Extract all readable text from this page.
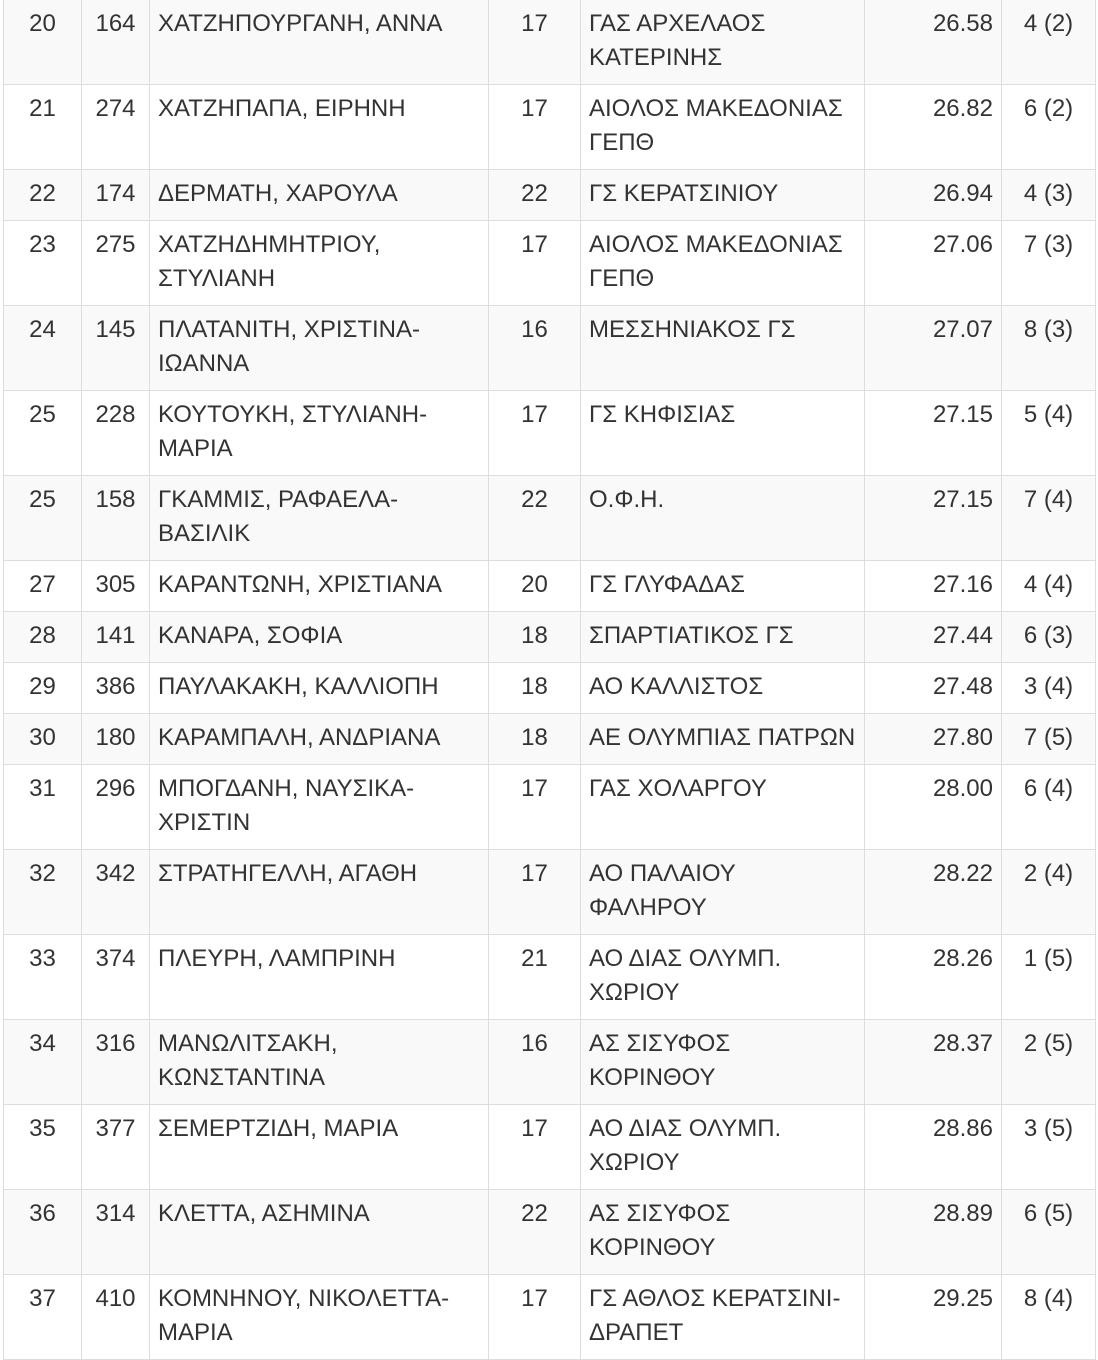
20	164	ΧΑΤΖΗΠΟΥΡΓΑΝΗ, ΑΝΝΑ	17	ΓΑΣ ΑΡΧΕΛΑΟΣ ΚΑΤΕΡΙΝΗΣ	26.58	4 (2)
21	274	ΧΑΤΖΗΠΑΠΑ, ΕΙΡΗΝΗ	17	ΑΙΟΛΟΣ ΜΑΚΕΔΟΝΙΑΣ ΓΕΠΘ	26.82	6 (2)
22	174	ΔΕΡΜΑΤΗ, ΧΑΡΟΥΛΑ	22	ΓΣ ΚΕΡΑΤΣΙΝΙΟΥ	26.94	4 (3)
23	275	ΧΑΤΖΗΔΗΜΗΤΡΙΟΥ, ΣΤΥΛΙΑΝΗ	17	ΑΙΟΛΟΣ ΜΑΚΕΔΟΝΙΑΣ ΓΕΠΘ	27.06	7 (3)
24	145	ΠΛΑΤΑΝΙΤΗ, ΧΡΙΣΤΙΝΑ-ΙΩΑΝΝΑ	16	ΜΕΣΣΗΝΙΑΚΟΣ ΓΣ	27.07	8 (3)
25	228	ΚΟΥΤΟΥΚΗ, ΣΤΥΛΙΑΝΗ-ΜΑΡΙΑ	17	ΓΣ ΚΗΦΙΣΙΑΣ	27.15	5 (4)
25	158	ΓΚΑΜΜΙΣ, ΡΑΦΑΕΛΑ-ΒΑΣΙΛΙΚ	22	Ο.Φ.Η.	27.15	7 (4)
27	305	ΚΑΡΑΝΤΩΝΗ, ΧΡΙΣΤΙΑΝΑ	20	ΓΣ ΓΛΥΦΑΔΑΣ	27.16	4 (4)
28	141	ΚΑΝΑΡΑ, ΣΟΦΙΑ	18	ΣΠΑΡΤΙΑΤΙΚΟΣ ΓΣ	27.44	6 (3)
29	386	ΠΑΥΛΑΚΑΚΗ, ΚΑΛΛΙΟΠΗ	18	ΑΟ ΚΑΛΛΙΣΤΟΣ	27.48	3 (4)
30	180	ΚΑΡΑΜΠΑΛΗ, ΑΝΔΡΙΑΝΑ	18	ΑΕ ΟΛΥΜΠΙΑΣ ΠΑΤΡΩΝ	27.80	7 (5)
31	296	ΜΠΟΓΔΑΝΗ, ΝΑΥΣΙΚΑ-ΧΡΙΣΤΙΝ	17	ΓΑΣ ΧΟΛΑΡΓΟΥ	28.00	6 (4)
32	342	ΣΤΡΑΤΗΓΕΛΛΗ, ΑΓΑΘΗ	17	ΑΟ ΠΑΛΑΙΟΥ ΦΑΛΗΡΟΥ	28.22	2 (4)
33	374	ΠΛΕΥΡΗ, ΛΑΜΠΡΙΝΗ	21	ΑΟ ΔΙΑΣ ΟΛΥΜΠ. ΧΩΡΙΟΥ	28.26	1 (5)
34	316	ΜΑΝΩΛΙΤΣΑΚΗ, ΚΩΝΣΤΑΝΤΙΝΑ	16	ΑΣ ΣΙΣΥΦΟΣ ΚΟΡΙΝΘΟΥ	28.37	2 (5)
35	377	ΣΕΜΕΡΤΖΙΔΗ, ΜΑΡΙΑ	17	ΑΟ ΔΙΑΣ ΟΛΥΜΠ. ΧΩΡΙΟΥ	28.86	3 (5)
36	314	ΚΛΕΤΤΑ, ΑΣΗΜΙΝΑ	22	ΑΣ ΣΙΣΥΦΟΣ ΚΟΡΙΝΘΟΥ	28.89	6 (5)
37	410	ΚΟΜΝΗΝΟΥ, ΝΙΚΟΛΕΤΤΑ-ΜΑΡΙΑ	17	ΓΣ ΑΘΛΟΣ ΚΕΡΑΤΣΙΝΙ-ΔΡΑΠΕΤ	29.25	8 (4)
